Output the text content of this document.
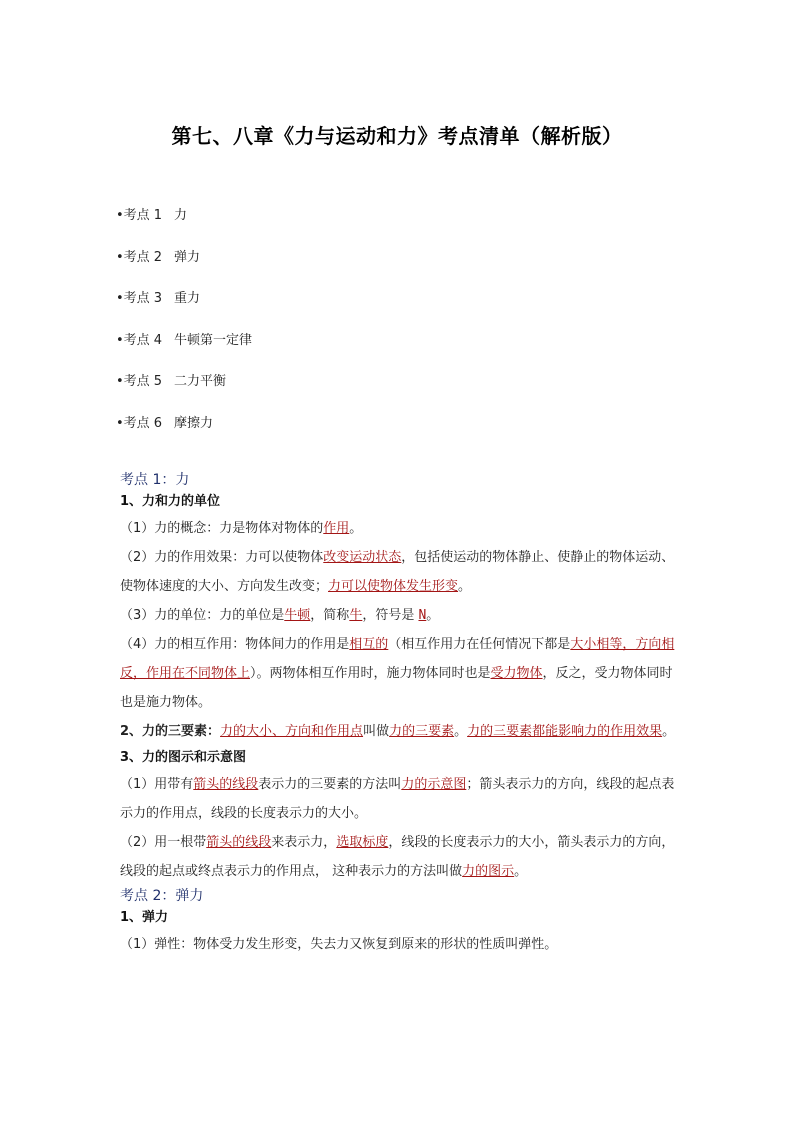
第七、八章《力与运动和力》考点清单（解析版）
•考点 1 力
•考点 2 弹力
•考点 3 重力
•考点 4 牛顿第一定律
•考点 5 二力平衡
•考点 6 摩擦力

考点 1：力

1、力和力的单位

（1）力的概念：力是物体对物体的作用。

（2）力的作用效果：力可以使物体改变运动状态，包括使运动的物体静止、使静止的物体运动、使物体速度的大小、方向发生改变；力可以使物体发生形变。

（3）力的单位：力的单位是牛顿，简称牛，符号是 N。

（4）力的相互作用：物体间力的作用是相互的（相互作用力在任何情况下都是大小相等，方向相反，作用在不同物体上）。两物体相互作用时，施力物体同时也是受力物体，反之，受力物体同时也是施力物体。

2、力的三要素：力的大小、方向和作用点叫做力的三要素。力的三要素都能影响力的作用效果。

3、力的图示和示意图

（1）用带有箭头的线段表示力的三要素的方法叫力的示意图；箭头表示力的方向，线段的起点表示力的作用点，线段的长度表示力的大小。

（2）用一根带箭头的线段来表示力，选取标度，线段的长度表示力的大小，箭头表示力的方向，线段的起点或终点表示力的作用点， 这种表示力的方法叫做力的图示。

考点 2：弹力

1、弹力

（1）弹性：物体受力发生形变，失去力又恢复到原来的形状的性质叫弹性。
